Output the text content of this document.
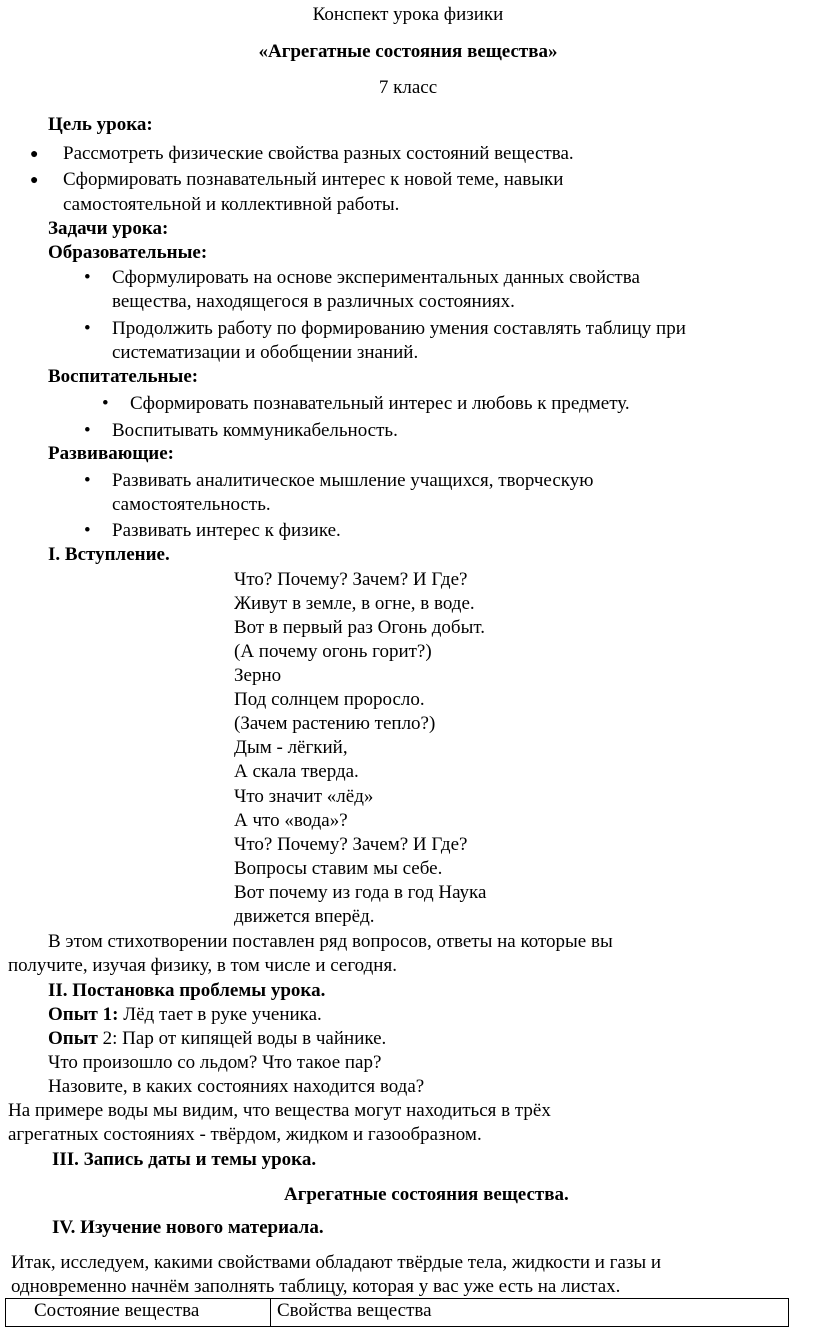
Конспект урока физики
«Агрегатные состояния вещества»
7 класс
Цель урока:
● Рассмотреть физические свойства разных состояний вещества.
● Сформировать познавательный интерес к новой теме, навыки
самостоятельной и коллективной работы.
Задачи урока:
Образовательные:
• Сформулировать на основе экспериментальных данных свойства
вещества, находящегося в различных состояниях.
• Продолжить работу по формированию умения составлять таблицу при
систематизации и обобщении знаний.
Воспитательные:
• Сформировать познавательный интерес и любовь к предмету.
• Воспитывать коммуникабельность.
Развивающие:
• Развивать аналитическое мышление учащихся, творческую
самостоятельность.
• Развивать интерес к физике.
I. Вступление.
Что? Почему? Зачем? И Где?
Живут в земле, в огне, в воде.
Вот в первый раз Огонь добыт.
(А почему огонь горит?)
Зерно
Под солнцем проросло.
(Зачем растению тепло?)
Дым - лёгкий,
А скала тверда.
Что значит «лёд»
А что «вода»?
Что? Почему? Зачем? И Где?
Вопросы ставим мы себе.
Вот почему из года в год Наука
движется вперёд.
В этом стихотворении поставлен ряд вопросов, ответы на которые вы
получите, изучая физику, в том числе и сегодня.
II. Постановка проблемы урока.
Опыт 1: Лёд тает в руке ученика.
Опыт 2: Пар от кипящей воды в чайнике.
Что произошло со льдом? Что такое пар?
Назовите, в каких состояниях находится вода?
На примере воды мы видим, что вещества могут находиться в трёх
агрегатных состояниях - твёрдом, жидком и газообразном.
III. Запись даты и темы урока.
Агрегатные состояния вещества.
IV. Изучение нового материала.
Итак, исследуем, какими свойствами обладают твёрдые тела, жидкости и газы и
одновременно начнём заполнять таблицу, которая у вас уже есть на листах.
Состояние вещества	Свойства вещества
